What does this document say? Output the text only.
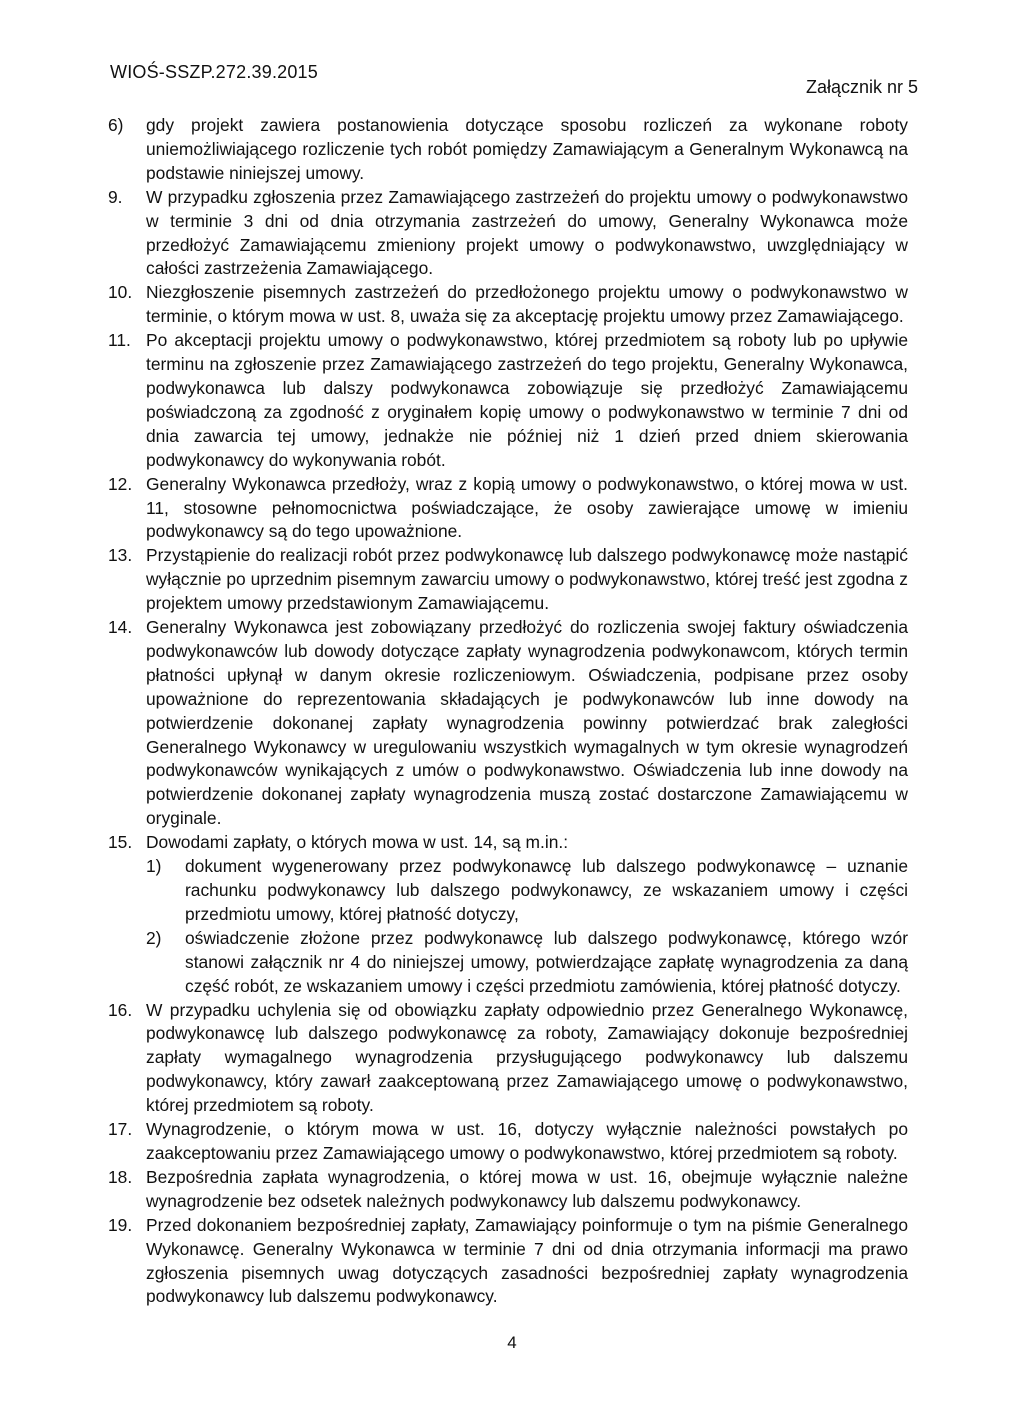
WIOŚ-SSZP.272.39.2015
Załącznik nr 5
6) gdy projekt zawiera postanowienia dotyczące sposobu rozliczeń za wykonane roboty uniemożliwiającego rozliczenie tych robót pomiędzy Zamawiającym a Generalnym Wykonawcą na podstawie niniejszej umowy.
9. W przypadku zgłoszenia przez Zamawiającego zastrzeżeń do projektu umowy o podwykonawstwo w terminie 3 dni od dnia otrzymania zastrzeżeń do umowy, Generalny Wykonawca może przedłożyć Zamawiającemu zmieniony projekt umowy o podwykonawstwo, uwzględniający w całości zastrzeżenia Zamawiającego.
10. Niezgłoszenie pisemnych zastrzeżeń do przedłożonego projektu umowy o podwykonawstwo w terminie, o którym mowa w ust. 8, uważa się za akceptację projektu umowy przez Zamawiającego.
11. Po akceptacji projektu umowy o podwykonawstwo, której przedmiotem są roboty lub po upływie terminu na zgłoszenie przez Zamawiającego zastrzeżeń do tego projektu, Generalny Wykonawca, podwykonawca lub dalszy podwykonawca zobowiązuje się przedłożyć Zamawiającemu poświadczoną za zgodność z oryginałem kopię umowy o podwykonawstwo w terminie 7 dni od dnia zawarcia tej umowy, jednakże nie później niż 1 dzień przed dniem skierowania podwykonawcy do wykonywania robót.
12. Generalny Wykonawca przedłoży, wraz z kopią umowy o podwykonawstwo, o której mowa w ust. 11, stosowne pełnomocnictwa poświadczające, że osoby zawierające umowę w imieniu podwykonawcy są do tego upoważnione.
13. Przystąpienie do realizacji robót przez podwykonawcę lub dalszego podwykonawcę może nastąpić wyłącznie po uprzednim pisemnym zawarciu umowy o podwykonawstwo, której treść jest zgodna z projektem umowy przedstawionym Zamawiającemu.
14. Generalny Wykonawca jest zobowiązany przedłożyć do rozliczenia swojej faktury oświadczenia podwykonawców lub dowody dotyczące zapłaty wynagrodzenia podwykonawcom, których termin płatności upłynął w danym okresie rozliczeniowym. Oświadczenia, podpisane przez osoby upoważnione do reprezentowania składających je podwykonawców lub inne dowody na potwierdzenie dokonanej zapłaty wynagrodzenia powinny potwierdzać brak zaległości Generalnego Wykonawcy w uregulowaniu wszystkich wymagalnych w tym okresie wynagrodzeń podwykonawców wynikających z umów o podwykonawstwo. Oświadczenia lub inne dowody na potwierdzenie dokonanej zapłaty wynagrodzenia muszą zostać dostarczone Zamawiającemu w oryginale.
15. Dowodami zapłaty, o których mowa w ust. 14, są m.in.:
1) dokument wygenerowany przez podwykonawcę lub dalszego podwykonawcę – uznanie rachunku podwykonawcy lub dalszego podwykonawcy, ze wskazaniem umowy i części przedmiotu umowy, której płatność dotyczy,
2) oświadczenie złożone przez podwykonawcę lub dalszego podwykonawcę, którego wzór stanowi załącznik nr 4 do niniejszej umowy, potwierdzające zapłatę wynagrodzenia za daną część robót, ze wskazaniem umowy i części przedmiotu zamówienia, której płatność dotyczy.
16. W przypadku uchylenia się od obowiązku zapłaty odpowiednio przez Generalnego Wykonawcę, podwykonawcę lub dalszego podwykonawcę za roboty, Zamawiający dokonuje bezpośredniej zapłaty wymagalnego wynagrodzenia przysługującego podwykonawcy lub dalszemu podwykonawcy, który zawarł zaakceptowaną przez Zamawiającego umowę o podwykonawstwo, której przedmiotem są roboty.
17. Wynagrodzenie, o którym mowa w ust. 16, dotyczy wyłącznie należności powstałych po zaakceptowaniu przez Zamawiającego umowy o podwykonawstwo, której przedmiotem są roboty.
18. Bezpośrednia zapłata wynagrodzenia, o której mowa w ust. 16, obejmuje wyłącznie należne wynagrodzenie bez odsetek należnych podwykonawcy lub dalszemu podwykonawcy.
19. Przed dokonaniem bezpośredniej zapłaty, Zamawiający poinformuje o tym na piśmie Generalnego Wykonawcę. Generalny Wykonawca w terminie 7 dni od dnia otrzymania informacji ma prawo zgłoszenia pisemnych uwag dotyczących zasadności bezpośredniej zapłaty wynagrodzenia podwykonawcy lub dalszemu podwykonawcy.
4
